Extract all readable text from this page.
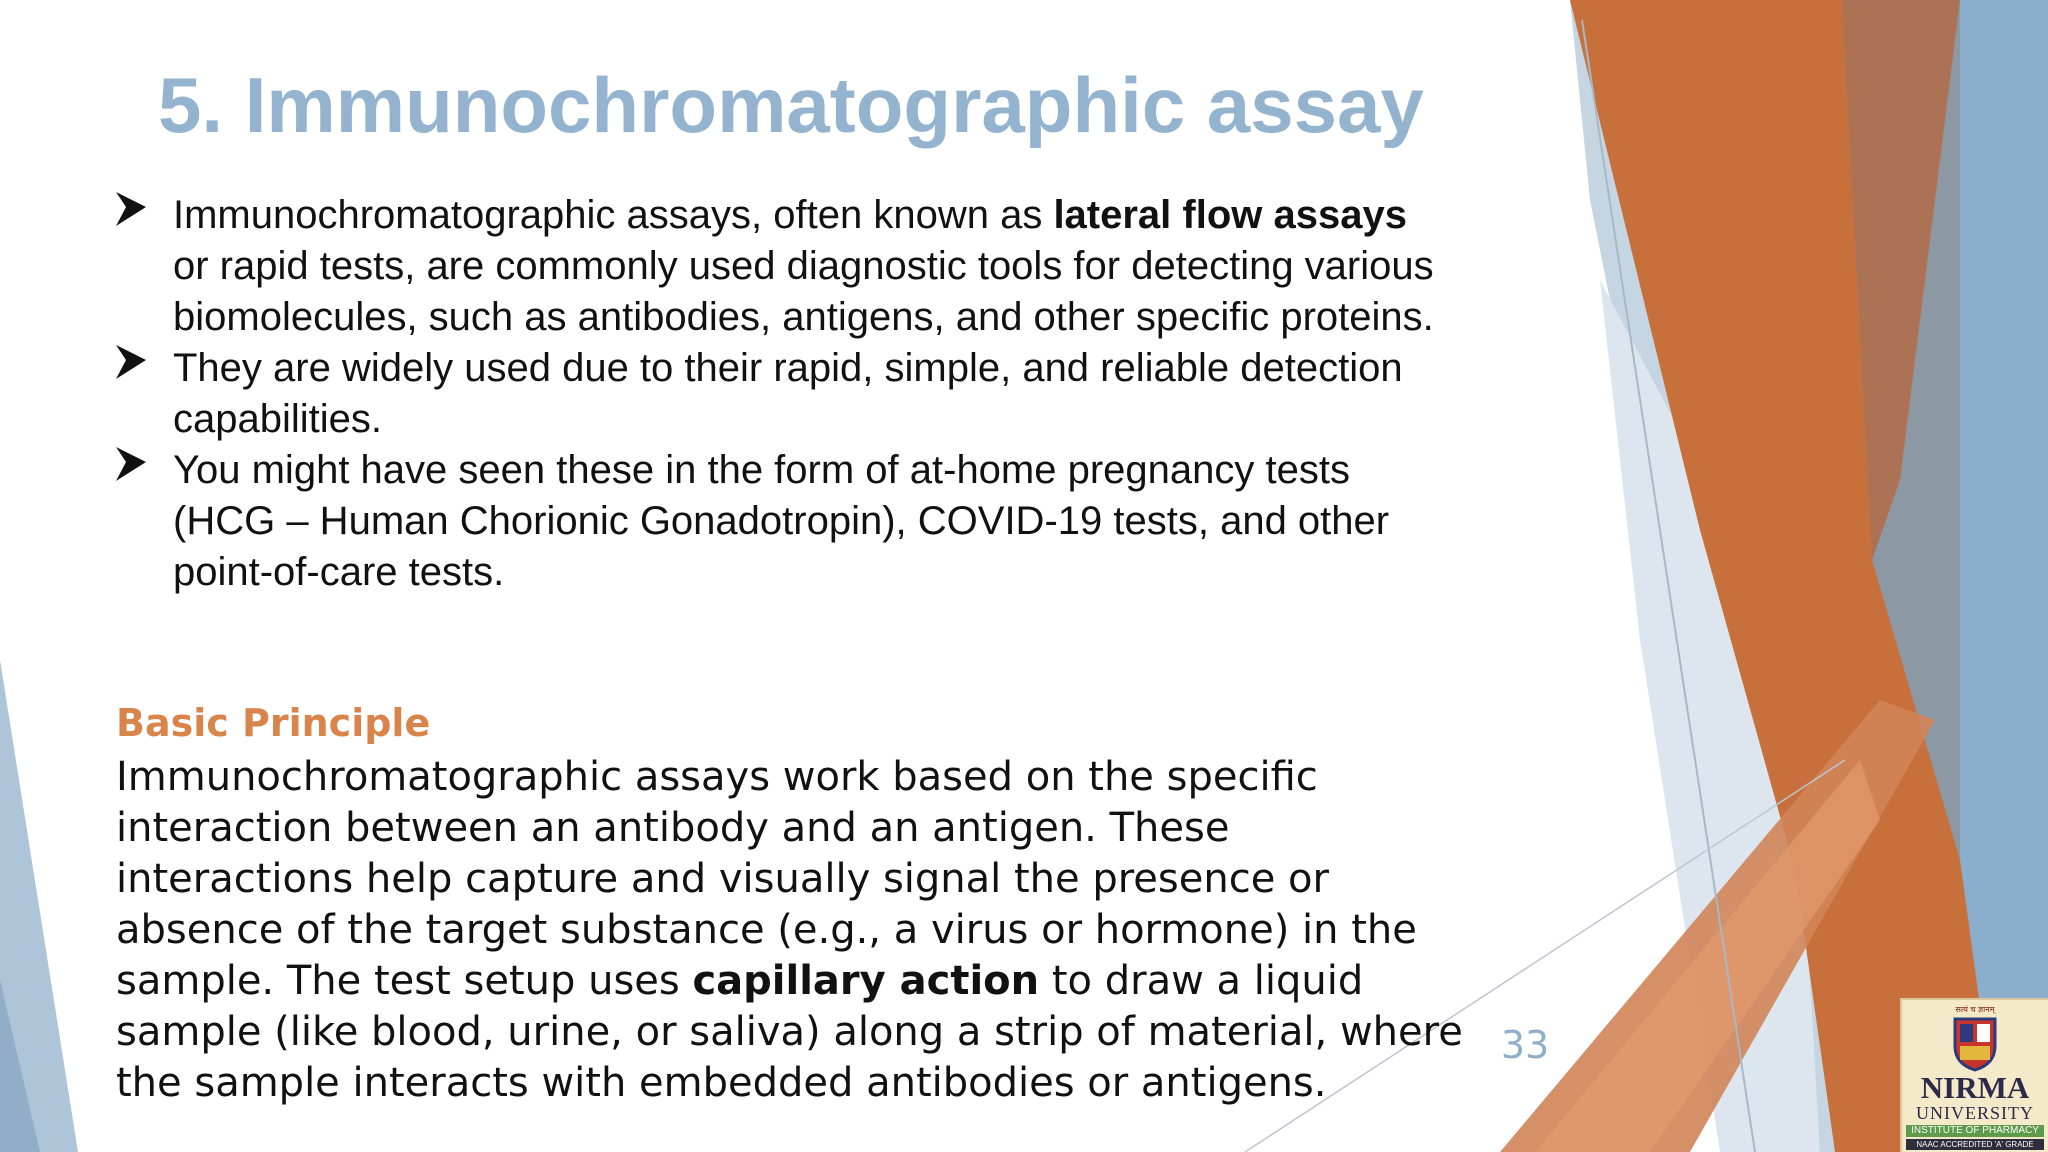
5. Immunochromatographic assay
Immunochromatographic assays, often known as lateral flow assays or rapid tests, are commonly used diagnostic tools for detecting various biomolecules, such as antibodies, antigens, and other specific proteins.
They are widely used due to their rapid, simple, and reliable detection capabilities.
You might have seen these in the form of at-home pregnancy tests (HCG – Human Chorionic Gonadotropin), COVID-19 tests, and other point-of-care tests.
Basic Principle

Immunochromatographic assays work based on the specific interaction between an antibody and an antigen. These interactions help capture and visually signal the presence or absence of the target substance (e.g., a virus or hormone) in the sample. The test setup uses capillary action to draw a liquid sample (like blood, urine, or saliva) along a strip of material, where the sample interacts with embedded antibodies or antigens.

33
सत्यं च ज्ञानम्
NIRMA
UNIVERSITY
INSTITUTE OF PHARMACY
NAAC ACCREDITED 'A' GRADE
